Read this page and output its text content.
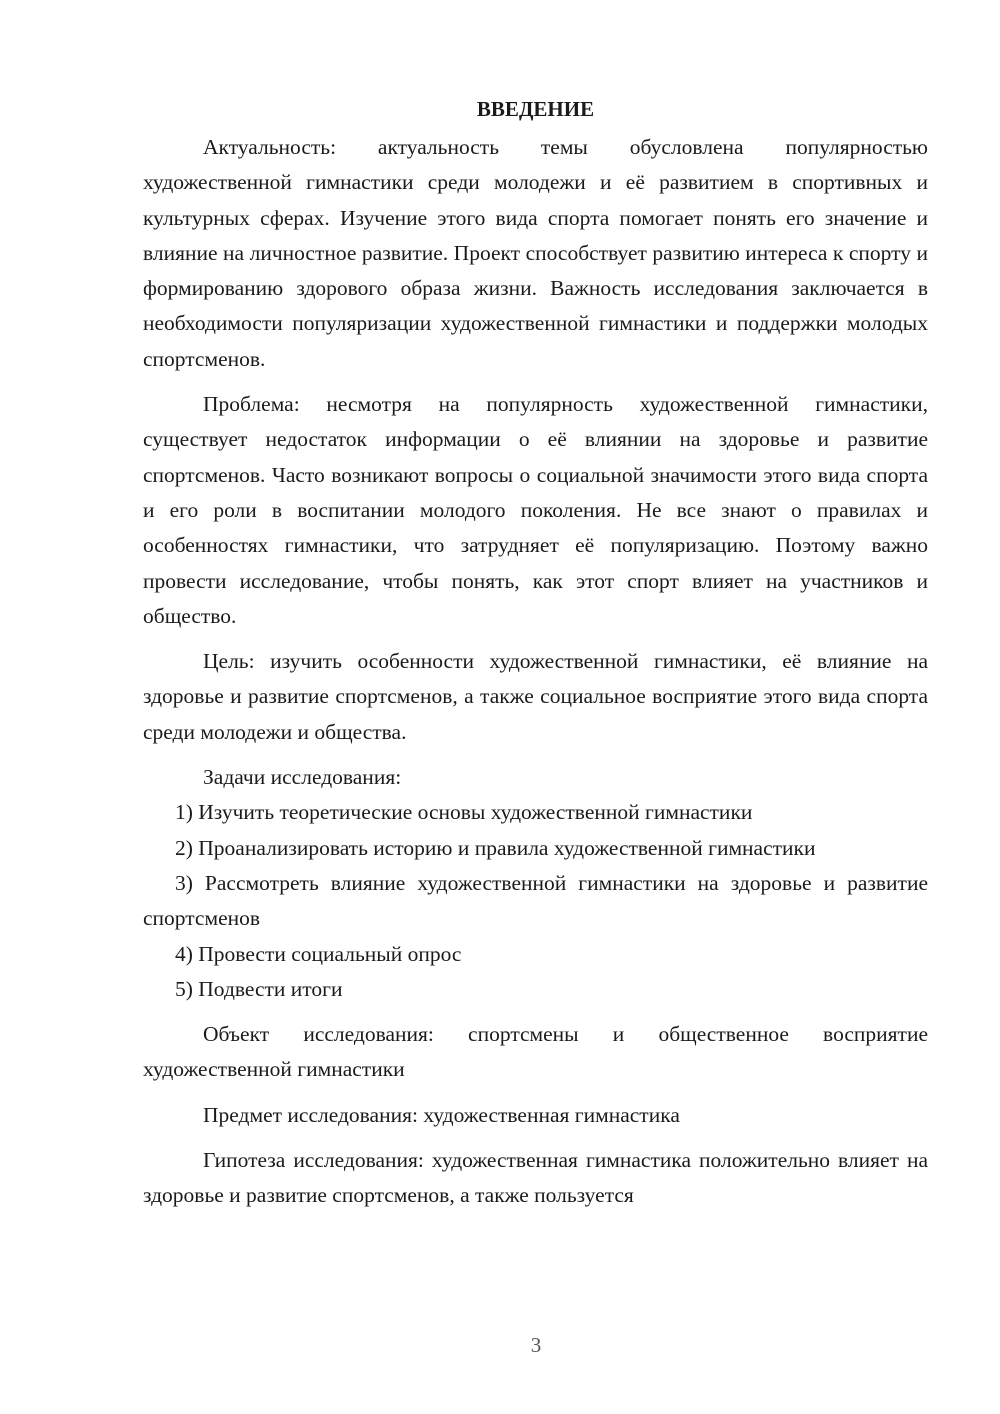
ВВЕДЕНИЕ

Актуальность: актуальность темы обусловлена популярностью художественной гимнастики среди молодежи и её развитием в спортивных и культурных сферах. Изучение этого вида спорта помогает понять его значение и влияние на личностное развитие. Проект способствует развитию интереса к спорту и формированию здорового образа жизни. Важность исследования заключается в необходимости популяризации художественной гимнастики и поддержки молодых спортсменов.

Проблема: несмотря на популярность художественной гимнастики, существует недостаток информации о её влиянии на здоровье и развитие спортсменов. Часто возникают вопросы о социальной значимости этого вида спорта и его роли в воспитании молодого поколения. Не все знают о правилах и особенностях гимнастики, что затрудняет её популяризацию. Поэтому важно провести исследование, чтобы понять, как этот спорт влияет на участников и общество.

Цель: изучить особенности художественной гимнастики, её влияние на здоровье и развитие спортсменов, а также социальное восприятие этого вида спорта среди молодежи и общества.

Задачи исследования:

1) Изучить теоретические основы художественной гимнастики

2) Проанализировать историю и правила художественной гимнастики

3) Рассмотреть влияние художественной гимнастики на здоровье и развитие спортсменов

4) Провести социальный опрос

5) Подвести итоги

Объект исследования: спортсмены и общественное восприятие художественной гимнастики

Предмет исследования: художественная гимнастика

Гипотеза исследования: художественная гимнастика положительно влияет на здоровье и развитие спортсменов, а также пользуется

3
